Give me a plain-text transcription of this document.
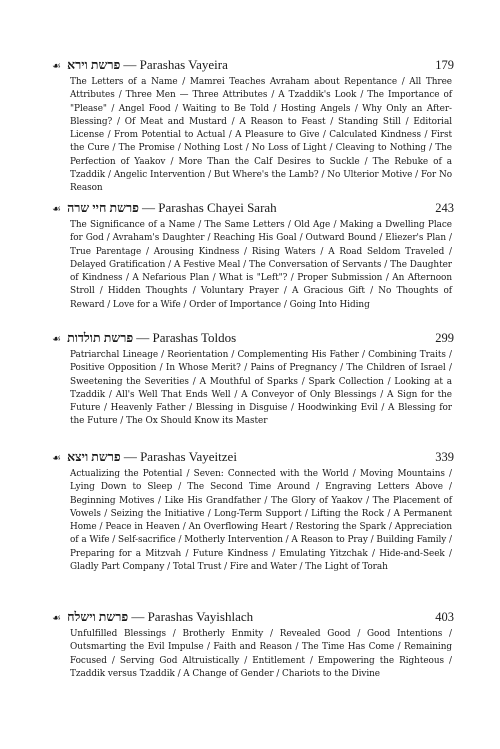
☙ פרשת וירא — Parashas Vayeira	179
The Letters of a Name / Mamrei Teaches Avraham about Repentance / All Three Attributes / Three Men — Three Attributes / A Tzaddik's Look / The Importance of "Please" / Angel Food / Waiting to Be Told / Hosting Angels / Why Only an After-Blessing? / Of Meat and Mustard / A Reason to Feast / Standing Still / Editorial License / From Potential to Actual / A Pleasure to Give / Calculated Kindness / First the Cure / The Promise / Nothing Lost / No Loss of Light / Cleaving to Nothing / The Perfection of Yaakov / More Than the Calf Desires to Suckle / The Rebuke of a Tzaddik / Angelic Intervention / But Where's the Lamb? / No Ulterior Motive / For No Reason
☙ פרשת חיי שרה — Parashas Chayei Sarah	243
The Significance of a Name / The Same Letters / Old Age / Making a Dwelling Place for God / Avraham's Daughter / Reaching His Goal / Outward Bound / Eliezer's Plan / True Parentage / Arousing Kindness / Rising Waters / A Road Seldom Traveled / Delayed Gratification / A Festive Meal / The Conversation of Servants / The Daughter of Kindness / A Nefarious Plan / What is "Left"? / Proper Submission / An Afternoon Stroll / Hidden Thoughts / Voluntary Prayer / A Gracious Gift / No Thoughts of Reward / Love for a Wife / Order of Importance / Going Into Hiding
☙ פרשת תולדות — Parashas Toldos	299
Patriarchal Lineage / Reorientation / Complementing His Father / Combining Traits / Positive Opposition / In Whose Merit? / Pains of Pregnancy / The Children of Israel / Sweetening the Severities / A Mouthful of Sparks / Spark Collection / Looking at a Tzaddik / All's Well That Ends Well / A Conveyor of Only Blessings / A Sign for the Future / Heavenly Father / Blessing in Disguise / Hoodwinking Evil / A Blessing for the Future / The Ox Should Know its Master
☙ פרשת ויצא — Parashas Vayeitzei	339
Actualizing the Potential / Seven: Connected with the World / Moving Mountains / Lying Down to Sleep / The Second Time Around / Engraving Letters Above / Beginning Motives / Like His Grandfather / The Glory of Yaakov / The Placement of Vowels / Seizing the Initiative / Long-Term Support / Lifting the Rock / A Permanent Home / Peace in Heaven / An Overflowing Heart / Restoring the Spark / Appreciation of a Wife / Self-sacrifice / Motherly Intervention / A Reason to Pray / Building Family / Preparing for a Mitzvah / Future Kindness / Emulating Yitzchak / Hide-and-Seek / Gladly Part Company / Total Trust / Fire and Water / The Light of Torah
☙ פרשת וישלח — Parashas Vayishlach	403
Unfulfilled Blessings / Brotherly Enmity / Revealed Good / Good Intentions / Outsmarting the Evil Impulse / Faith and Reason / The Time Has Come / Remaining Focused / Serving God Altruistically / Entitlement / Empowering the Righteous / Tzaddik versus Tzaddik / A Change of Gender / Chariots to the Divine
